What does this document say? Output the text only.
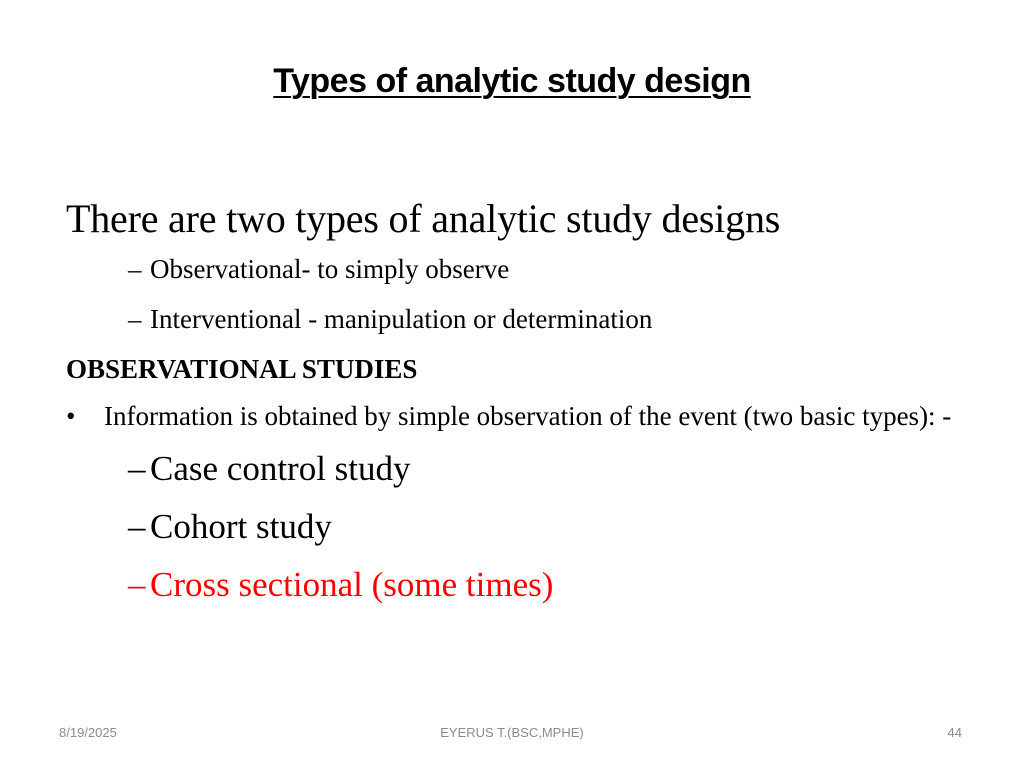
Types of analytic study design

There are two types of analytic study designs

– Observational- to simply observe
– Interventional - manipulation or determination

OBSERVATIONAL STUDIES

•	Information is obtained by simple observation of the event (two basic types): -
– Case control study
– Cohort study
– Cross sectional (some times)
8/19/2025	EYERUS T.(BSC,MPHE)	44
